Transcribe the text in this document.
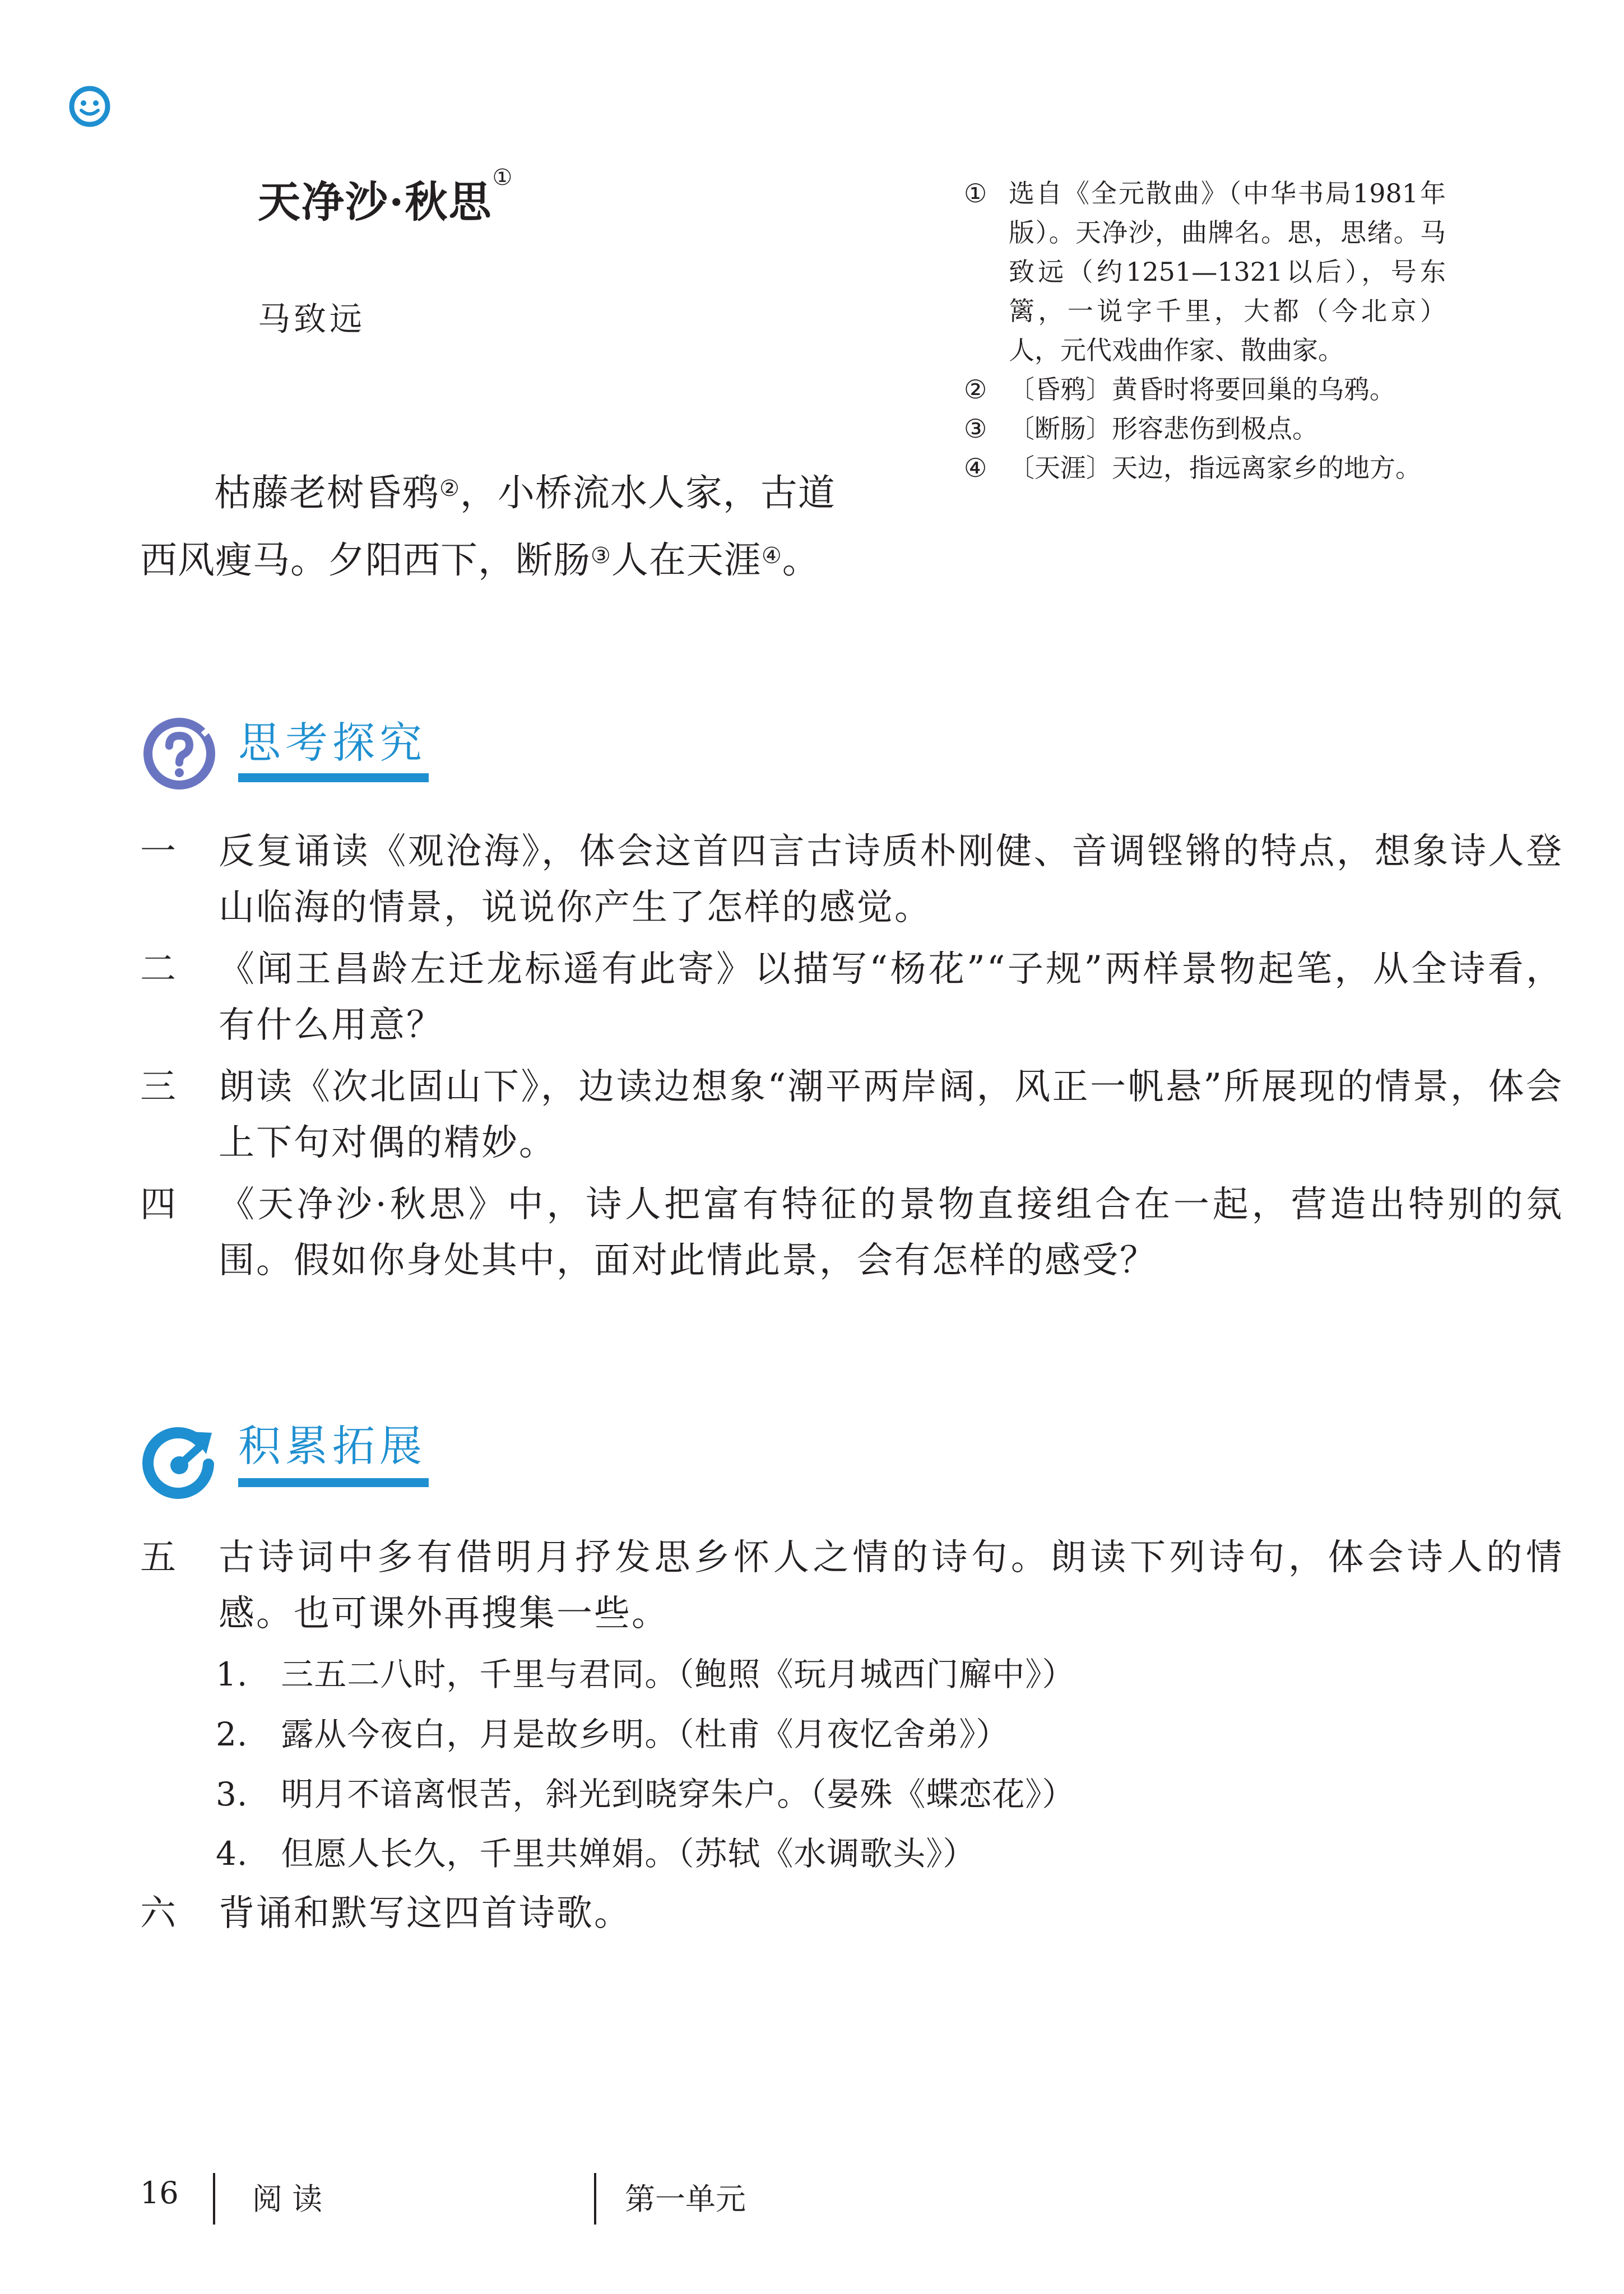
天净沙·秋思①
马致远

枯藤老树昏鸦②，小桥流水人家，古道

西风瘦马。夕阳西下，断肠③人在天涯④。

① 选自《全元散曲》（中华书局1981年版）。天净沙，曲牌名。思，思绪。马致远（约1251—1321以后），号东篱，一说字千里，大都（今北京）人，元代戏曲作家、散曲家。
② 〔昏鸦〕黄昏时将要回巢的乌鸦。
③ 〔断肠〕形容悲伤到极点。
④ 〔天涯〕天边，指远离家乡的地方。
思考探究
一 反复诵读《观沧海》，体会这首四言古诗质朴刚健、音调铿锵的特点，想象诗人登山临海的情景，说说你产生了怎样的感觉。
二 《闻王昌龄左迁龙标遥有此寄》以描写“杨花”“子规”两样景物起笔，从全诗看，有什么用意？
三 朗读《次北固山下》，边读边想象“潮平两岸阔，风正一帆悬”所展现的情景，体会上下句对偶的精妙。
四 《天净沙·秋思》中，诗人把富有特征的景物直接组合在一起，营造出特别的氛围。假如你身处其中，面对此情此景，会有怎样的感受？
积累拓展
五 古诗词中多有借明月抒发思乡怀人之情的诗句。朗读下列诗句，体会诗人的情感。也可课外再搜集一些。
1.　三五二八时，千里与君同。（鲍照《玩月城西门廨中》）
2.　露从今夜白，月是故乡明。（杜甫《月夜忆舍弟》）
3.　明月不谙离恨苦，斜光到晓穿朱户。（晏殊《蝶恋花》）
4.　但愿人长久，千里共婵娟。（苏轼《水调歌头》）
六 背诵和默写这四首诗歌。
16 阅 读	第一单元
